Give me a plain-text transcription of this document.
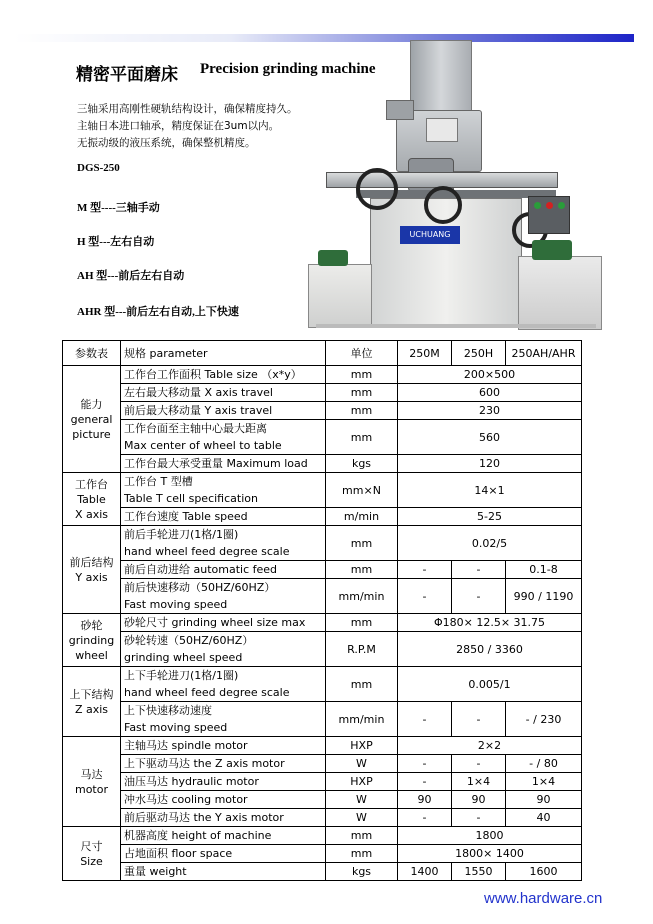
精密平面磨床 Precision grinding machine
三轴采用高刚性硬轨结构设计，确保精度持久。
主轴日本进口轴承，精度保证在3um以内。
无振动级的液压系统，确保整机精度。
DGS-250
M 型----三轴手动
H 型---左右自动
AH 型---前后左右自动
AHR 型---前后左右自动,上下快速
UCHUANG
参数表	规格 parameter	单位	250M	250H	250AH/AHR
能力
general
picture	工作台工作面积 Table size （x*y）	mm	200×500		
	左右最大移动量 X axis travel	mm	600		
	前后最大移动量 Y axis travel	mm	230		
	工作台面至主轴中心最大距离
Max center of wheel to table	mm	560		
	工作台最大承受重量 Maximum load	kgs	120		
工作台
Table
X axis	工作台 T 型槽
Table T cell specification	mm×N	14×1		
	工作台速度 Table speed	m/min	5-25		
前后结构
Y axis	前后手轮进刀(1格/1圈)
hand wheel feed degree scale	mm	0.02/5		
	前后自动进给 automatic feed	mm	-	-	0.1-8
	前后快速移动（50HZ/60HZ）
Fast moving speed	mm/min	-	-	990 / 1190
砂轮
grinding
wheel	砂轮尺寸 grinding wheel size max	mm	Φ180× 12.5× 31.75		
	砂轮转速（50HZ/60HZ）
grinding wheel speed	R.P.M	2850 / 3360		
上下结构
Z axis	上下手轮进刀(1格/1圈)
hand wheel feed degree scale	mm	0.005/1		
	上下快速移动速度
Fast moving speed	mm/min	-	-	- / 230
马达
motor	主轴马达 spindle motor	HXP	2×2		
	上下驱动马达 the Z axis motor	W	-	-	- / 80
	油压马达 hydraulic motor	HXP	-	1×4	1×4
	冲水马达 cooling motor	W	90	90	90
	前后驱动马达 the Y axis motor	W	-	-	40
尺寸
Size	机器高度 height of machine	mm	1800		
	占地面积 floor space	mm	1800× 1400		
	重量 weight	kgs	1400	1550	1600
www.hardware.cn
